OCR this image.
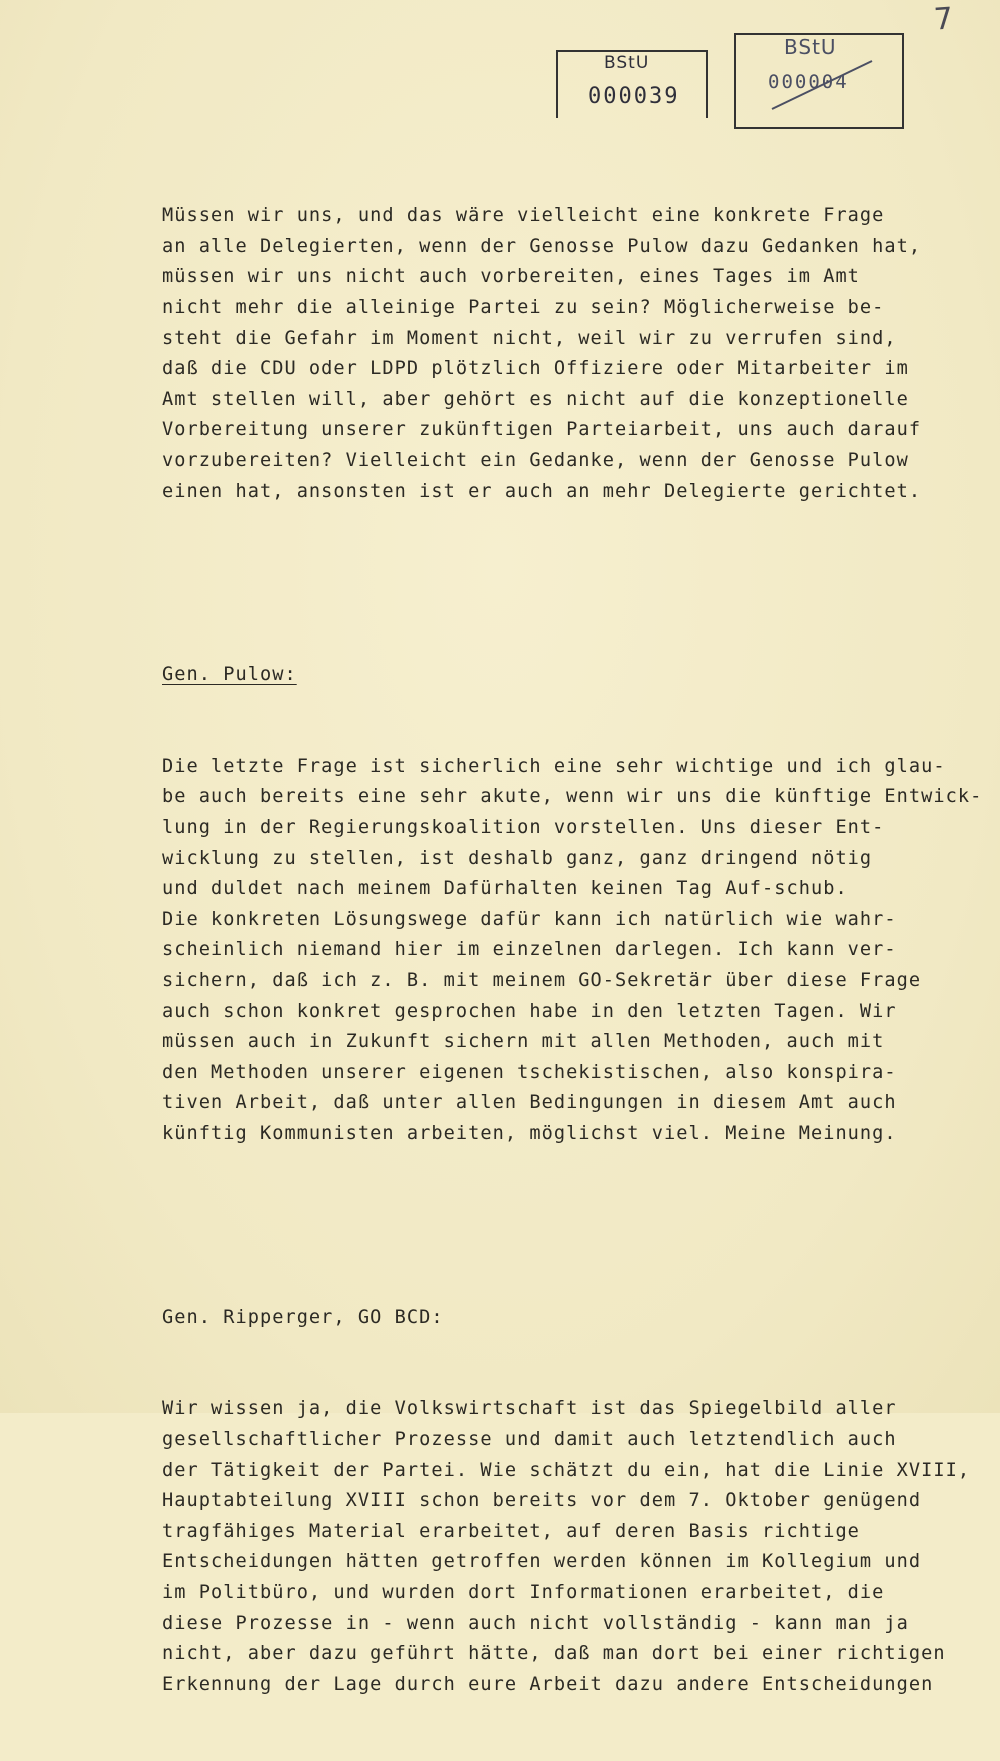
7
BStU
000039
BStU
000004

Müssen wir uns, und das wäre vielleicht eine konkrete Frage
an alle Delegierten, wenn der Genosse Pulow dazu Gedanken hat,
müssen wir uns nicht auch vorbereiten, eines Tages im Amt
nicht mehr die alleinige Partei zu sein? Möglicherweise be-
steht die Gefahr im Moment nicht, weil wir zu verrufen sind,
daß die CDU oder LDPD plötzlich Offiziere oder Mitarbeiter im
Amt stellen will, aber gehört es nicht auf die konzeptionelle
Vorbereitung unserer zukünftigen Parteiarbeit, uns auch darauf
vorzubereiten? Vielleicht ein Gedanke, wenn der Genosse Pulow
einen hat, ansonsten ist er auch an mehr Delegierte gerichtet.

Gen. Pulow:

Die letzte Frage ist sicherlich eine sehr wichtige und ich glau-
be auch bereits eine sehr akute, wenn wir uns die künftige Entwick-
lung in der Regierungskoalition vorstellen. Uns dieser Ent-
wicklung zu stellen, ist deshalb ganz, ganz dringend nötig
und duldet nach meinem Dafürhalten keinen Tag Auf-schub.
Die konkreten Lösungswege dafür kann ich natürlich wie wahr-
scheinlich niemand hier im einzelnen darlegen. Ich kann ver-
sichern, daß ich z. B. mit meinem GO-Sekretär über diese Frage
auch schon konkret gesprochen habe in den letzten Tagen. Wir
müssen auch in Zukunft sichern mit allen Methoden, auch mit
den Methoden unserer eigenen tschekistischen, also konspira-
tiven Arbeit, daß unter allen Bedingungen in diesem Amt auch
künftig Kommunisten arbeiten, möglichst viel. Meine Meinung.

Gen. Ripperger, GO BCD:

Wir wissen ja, die Volkswirtschaft ist das Spiegelbild aller
gesellschaftlicher Prozesse und damit auch letztendlich auch
der Tätigkeit der Partei. Wie schätzt du ein, hat die Linie XVIII,
Hauptabteilung XVIII schon bereits vor dem 7. Oktober genügend
tragfähiges Material erarbeitet, auf deren Basis richtige
Entscheidungen hätten getroffen werden können im Kollegium und
im Politbüro, und wurden dort Informationen erarbeitet, die
diese Prozesse in - wenn auch nicht vollständig - kann man ja
nicht, aber dazu geführt hätte, daß man dort bei einer richtigen
Erkennung der Lage durch eure Arbeit dazu andere Entscheidungen
